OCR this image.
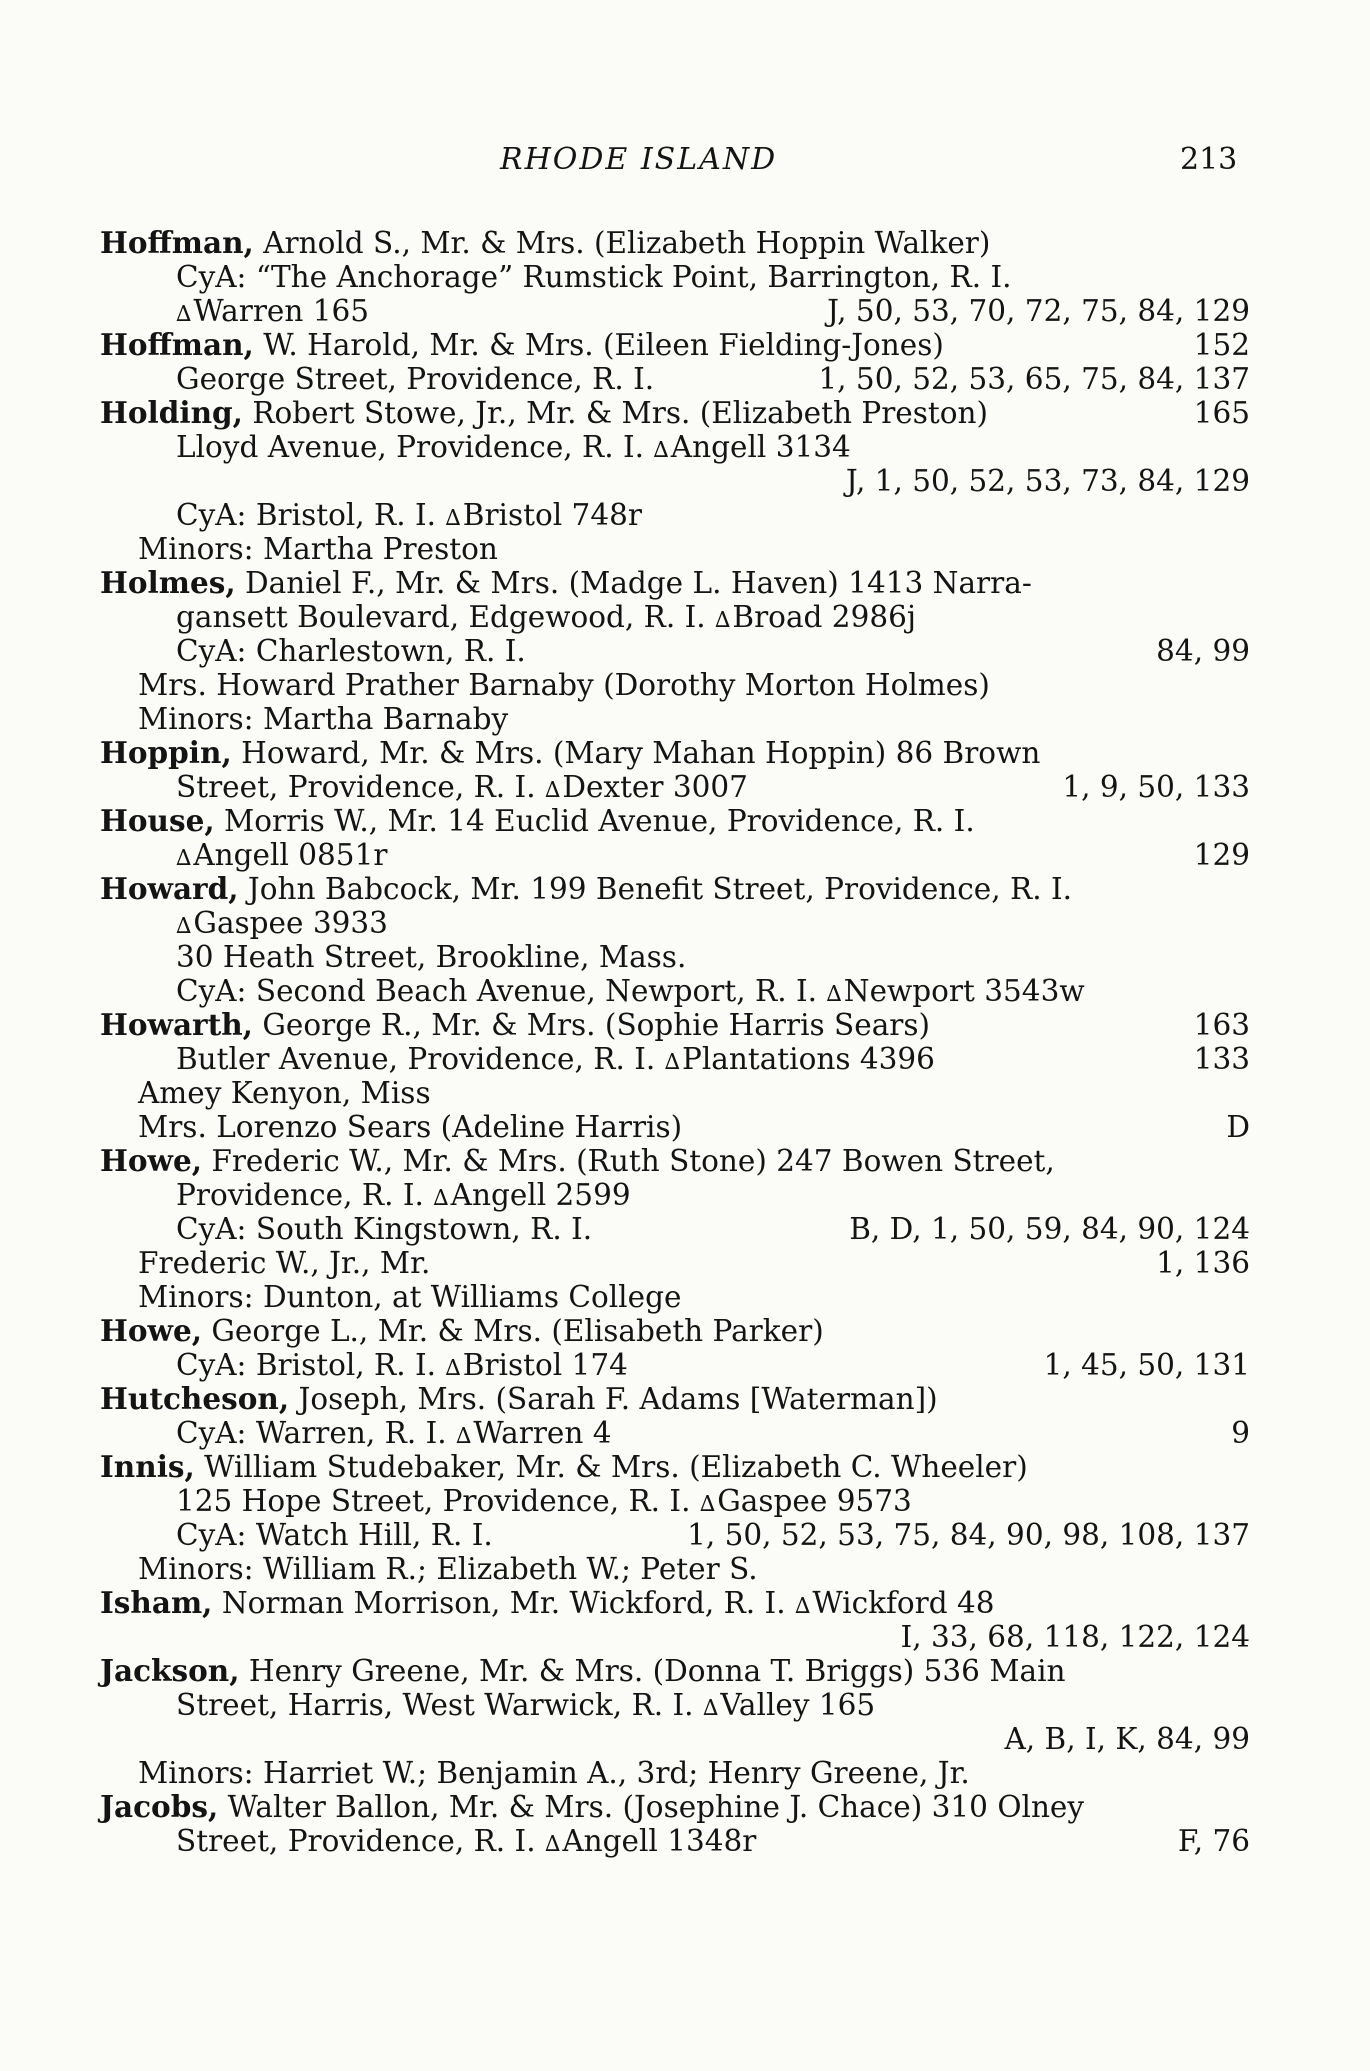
RHODE ISLAND	213
Hoffman, Arnold S., Mr. & Mrs. (Elizabeth Hoppin Walker)
CyA: “The Anchorage” Rumstick Point, Barrington, R. I.
∆Warren 165	J, 50, 53, 70, 72, 75, 84, 129
Hoffman, W. Harold, Mr. & Mrs. (Eileen Fielding-Jones)	152
George Street, Providence, R. I.	1, 50, 52, 53, 65, 75, 84, 137
Holding, Robert Stowe, Jr., Mr. & Mrs. (Elizabeth Preston)	165
Lloyd Avenue, Providence, R. I. ∆Angell 3134
J, 1, 50, 52, 53, 73, 84, 129
CyA: Bristol, R. I. ∆Bristol 748r
Minors: Martha Preston
Holmes, Daniel F., Mr. & Mrs. (Madge L. Haven) 1413 Narra-
gansett Boulevard, Edgewood, R. I. ∆Broad 2986j
CyA: Charlestown, R. I.	84, 99
Mrs. Howard Prather Barnaby (Dorothy Morton Holmes)
Minors: Martha Barnaby
Hoppin, Howard, Mr. & Mrs. (Mary Mahan Hoppin) 86 Brown
Street, Providence, R. I. ∆Dexter 3007	1, 9, 50, 133
House, Morris W., Mr. 14 Euclid Avenue, Providence, R. I.
∆Angell 0851r	129
Howard, John Babcock, Mr. 199 Benefit Street, Providence, R. I.
∆Gaspee 3933
30 Heath Street, Brookline, Mass.
CyA: Second Beach Avenue, Newport, R. I. ∆Newport 3543w
Howarth, George R., Mr. & Mrs. (Sophie Harris Sears)	163
Butler Avenue, Providence, R. I. ∆Plantations 4396	133
Amey Kenyon, Miss
Mrs. Lorenzo Sears (Adeline Harris)	D
Howe, Frederic W., Mr. & Mrs. (Ruth Stone) 247 Bowen Street,
Providence, R. I. ∆Angell 2599
CyA: South Kingstown, R. I.	B, D, 1, 50, 59, 84, 90, 124
Frederic W., Jr., Mr.	1, 136
Minors: Dunton, at Williams College
Howe, George L., Mr. & Mrs. (Elisabeth Parker)
CyA: Bristol, R. I. ∆Bristol 174	1, 45, 50, 131
Hutcheson, Joseph, Mrs. (Sarah F. Adams [Waterman])
CyA: Warren, R. I. ∆Warren 4	9
Innis, William Studebaker, Mr. & Mrs. (Elizabeth C. Wheeler)
125 Hope Street, Providence, R. I. ∆Gaspee 9573
CyA: Watch Hill, R. I.	1, 50, 52, 53, 75, 84, 90, 98, 108, 137
Minors: William R.; Elizabeth W.; Peter S.
Isham, Norman Morrison, Mr. Wickford, R. I. ∆Wickford 48
I, 33, 68, 118, 122, 124
Jackson, Henry Greene, Mr. & Mrs. (Donna T. Briggs) 536 Main
Street, Harris, West Warwick, R. I. ∆Valley 165
A, B, I, K, 84, 99
Minors: Harriet W.; Benjamin A., 3rd; Henry Greene, Jr.
Jacobs, Walter Ballon, Mr. & Mrs. (Josephine J. Chace) 310 Olney
Street, Providence, R. I. ∆Angell 1348r	F, 76
